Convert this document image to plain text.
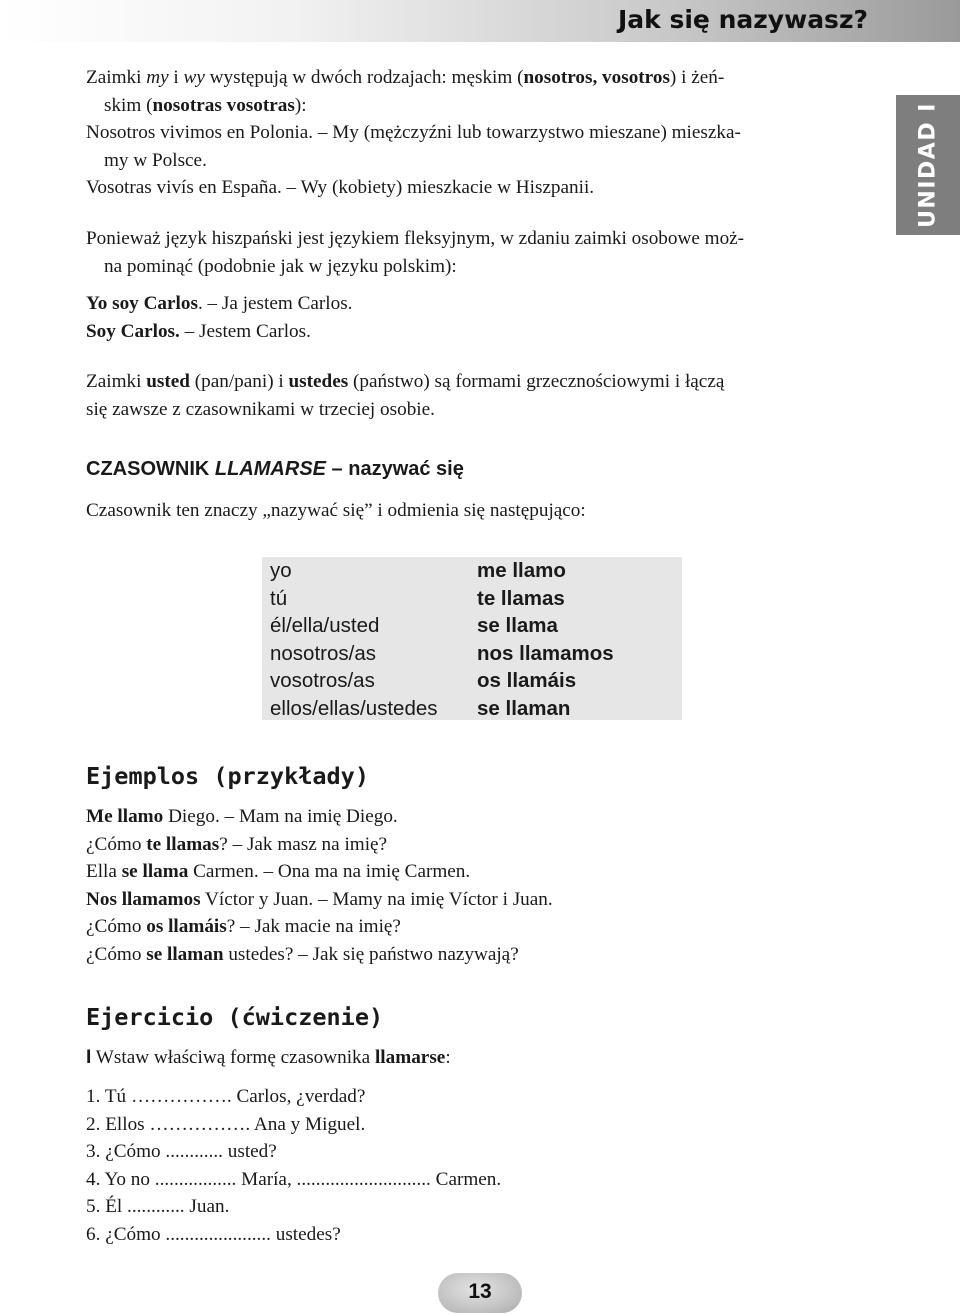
Jak się nazywasz?
UNIDAD I

Zaimki my i wy występują w dwóch rodzajach: męskim (nosotros, vosotros) i żeń-

skim (nosotras vosotras):

Nosotros vivimos en Polonia. – My (mężczyźni lub towarzystwo mieszane) mieszka-

my w Polsce.

Vosotras vivís en España. – Wy (kobiety) mieszkacie w Hiszpanii.

Ponieważ język hiszpański jest językiem fleksyjnym, w zdaniu zaimki osobowe moż-

na pominąć (podobnie jak w języku polskim):

Yo soy Carlos. – Ja jestem Carlos.

Soy Carlos. – Jestem Carlos.

Zaimki usted (pan/pani) i ustedes (państwo) są formami grzecznościowymi i łączą

się zawsze z czasownikami w trzeciej osobie.

CZASOWNIK LLAMARSE – nazywać się

Czasownik ten znaczy „nazywać się” i odmienia się następująco:

yo	me llamo
tú	te llamas
él/ella/usted	se llama
nosotros/as	nos llamamos
vosotros/as	os llamáis
ellos/ellas/ustedes se llaman
Ejemplos (przykłady)
Me llamo Diego. – Mam na imię Diego.
¿Cómo te llamas? – Jak masz na imię?
Ella se llama Carmen. – Ona ma na imię Carmen.
Nos llamamos Víctor y Juan. – Mamy na imię Víctor i Juan.
¿Cómo os llamáis? – Jak macie na imię?
¿Cómo se llaman ustedes? – Jak się państwo nazywają?
Ejercicio (ćwiczenie)
I Wstaw właściwą formę czasownika llamarse:
1. Tú ……………. Carlos, ¿verdad?
2. Ellos ……………. Ana y Miguel.
3. ¿Cómo ............ usted?
4. Yo no ................. María, ............................ Carmen.
5. Él ............ Juan.
6. ¿Cómo ...................... ustedes?
13
